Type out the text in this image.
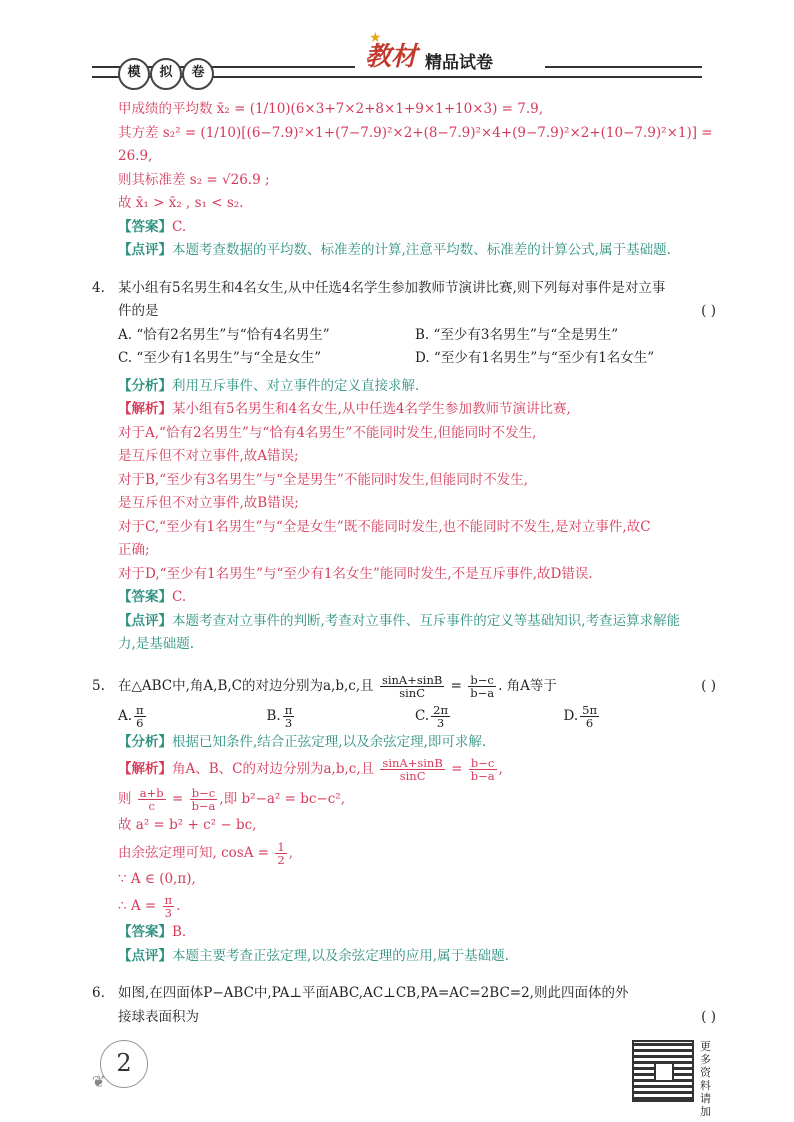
模	拟	卷
★
教材 精品试卷
甲成绩的平均数 x̄₂ = (1/10)(6×3+7×2+8×1+9×1+10×3) = 7.9,
其方差 s₂² = (1/10)[(6−7.9)²×1+(7−7.9)²×2+(8−7.9)²×4+(9−7.9)²×2+(10−7.9)²×1)] =
26.9,
则其标准差 s₂ = √26.9 ;
故 x̄₁ > x̄₂ , s₁ < s₂.
【答案】C.
【点评】本题考查数据的平均数、标准差的计算,注意平均数、标准差的计算公式,属于基础题.
4. 某小组有5名男生和4名女生,从中任选4名学生参加教师节演讲比赛,则下列每对事件是对立事
件的是	( )
A. “恰有2名男生”与“恰有4名男生”	B. “至少有3名男生”与“全是男生”
C. “至少有1名男生”与“全是女生”	D. “至少有1名男生”与“至少有1名女生”
【分析】利用互斥事件、对立事件的定义直接求解.
【解析】某小组有5名男生和4名女生,从中任选4名学生参加教师节演讲比赛,
对于A,“恰有2名男生”与“恰有4名男生”不能同时发生,但能同时不发生,
是互斥但不对立事件,故A错误;
对于B,“至少有3名男生”与“全是男生”不能同时发生,但能同时不发生,
是互斥但不对立事件,故B错误;
对于C,“至少有1名男生”与“全是女生”既不能同时发生,也不能同时不发生,是对立事件,故C
正确;
对于D,“至少有1名男生”与“至少有1名女生”能同时发生,不是互斥事件,故D错误.
【答案】C.
【点评】本题考查对立事件的判断,考查对立事件、互斥事件的定义等基础知识,考查运算求解能
力,是基础题.
5. 在△ABC中,角A,B,C的对边分别为a,b,c,且 $\frac{\sin A+\sin B}{\sin C} = \frac{b-c}{b-a}$ . 角A等于	( )
A. $\frac{\pi}{6}$	B. $\frac{\pi}{3}$	C. $\frac{2\pi}{3}$	D. $\frac{5\pi}{6}$
【分析】根据已知条件,结合正弦定理,以及余弦定理,即可求解.
【解析】角A、B、C的对边分别为a,b,c,且 $\frac{\sin A+\sin B}{\sin C} = \frac{b-c}{b-a}$ ,
则 $\frac{a+b}{c} = \frac{b-c}{b-a}$ ,即 b²−a² = bc−c²,
故 a² = b² + c² − bc,
由余弦定理可知, $\cos A = \frac{1}{2}$ ,
∵ A ∈ (0,π),
∴ $A = \frac{\pi}{3}$ .
【答案】B.
【点评】本题主要考查正弦定理,以及余弦定理的应用,属于基础题.
6. 如图,在四面体P−ABC中,PA⊥平面ABC,AC⊥CB,PA=AC=2BC=2,则此四面体的外
接球表面积为	( )
2
❦
更多资料请加
